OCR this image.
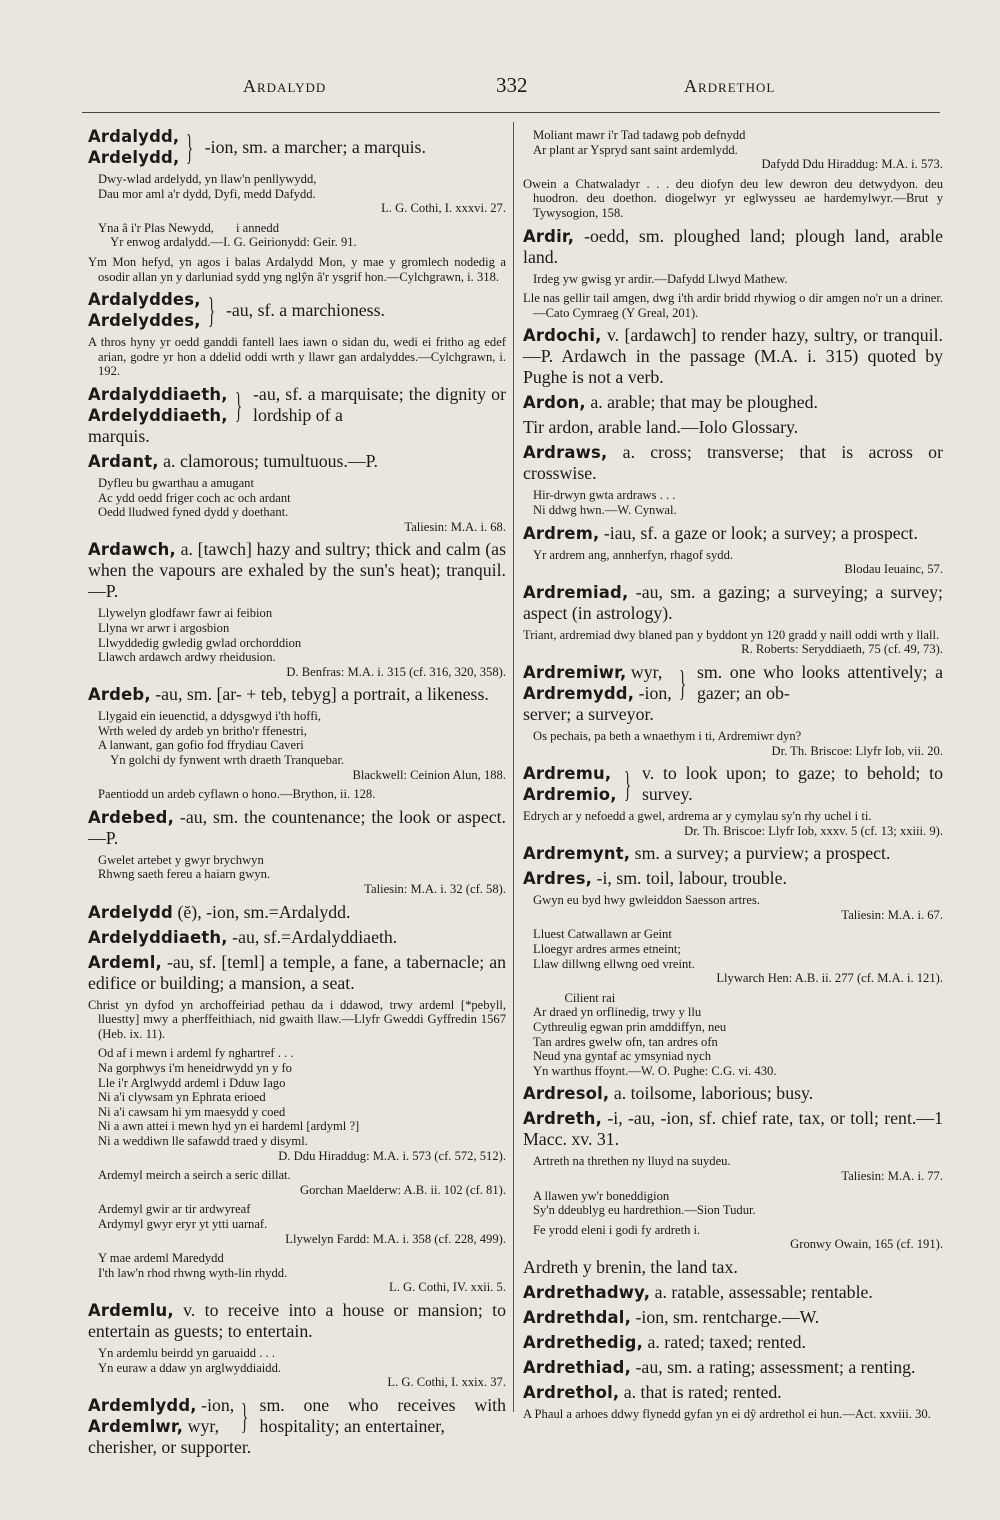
Ardalydd	332	Ardrethol
Ardalydd,
Ardelydd, } -ion, sm. a marcher; a marquis.
Dwy-wlad ardelydd, yn llaw'n penllywydd,
Dau mor aml a'r dydd, Dyfi, medd Dafydd.
L. G. Cothi, I. xxxvi. 27.
Yna â i'r Plas Newydd,       i annedd
Yr enwog ardalydd.—I. G. Geirionydd: Geir. 91.
Ym Mon hefyd, yn agos i balas Ardalydd Mon, y mae y gromlech nodedig a osodir allan yn y darluniad sydd yng nglŷn â'r ysgrif hon.—Cylchgrawn, i. 318.
Ardalyddes,
Ardelyddes, } -au, sf. a marchioness.
A thros hyny yr oedd ganddi fantell laes iawn o sidan du, wedi ei fritho ag edef arian, godre yr hon a ddelid oddi wrth y llawr gan ardalyddes.—Cylchgrawn, i. 192.
Ardalyddiaeth,
Ardelyddiaeth, } -au, sf. a marquisate; the dignity or lordship of a
marquis.
Ardant, a. clamorous; tumultuous.—P.
Dyfleu bu gwarthau a amugant
Ac ydd oedd friger coch ac och ardant
Oedd lludwed fyned dydd y doethant.
Taliesin: M.A. i. 68.
Ardawch, a. [tawch] hazy and sultry; thick and calm (as when the vapours are exhaled by the sun's heat); tranquil.—P.
Llywelyn glodfawr fawr ai feibion
Llyna wr arwr i argosbion
Llwyddedig gwledig gwlad orchorddion
Llawch ardawch ardwy rheidusion.
D. Benfras: M.A. i. 315 (cf. 316, 320, 358).
Ardeb, -au, sm. [ar- + teb, tebyg] a portrait, a likeness.
Llygaid ein ieuenctid, a ddysgwyd i'th hoffi,
Wrth weled dy ardeb yn britho'r ffenestri,
A lanwant, gan gofio fod ffrydiau Caveri
Yn golchi dy fynwent wrth draeth Tranquebar.
Blackwell: Ceinion Alun, 188.
Paentiodd un ardeb cyflawn o hono.—Brython, ii. 128.
Ardebed, -au, sm. the countenance; the look or aspect.—P.
Gwelet artebet y gwyr brychwyn
Rhwng saeth fereu a haiarn gwyn.
Taliesin: M.A. i. 32 (cf. 58).
Ardelydd (ĕ), -ion, sm.=Ardalydd.
Ardelyddiaeth, -au, sf.=Ardalyddiaeth.
Ardeml, -au, sf. [teml] a temple, a fane, a tabernacle; an edifice or building; a mansion, a seat.
Christ yn dyfod yn archoffeiriad pethau da i ddawod, trwy ardeml [*pebyll, lluestty] mwy a pherffeithiach, nid gwaith llaw.—Llyfr Gweddi Gyffredin 1567 (Heb. ix. 11).
Od af i mewn i ardeml fy nghartref . . .
Na gorphwys i'm heneidrwydd yn y fo
Lle i'r Arglwydd ardeml i Dduw Iago
Ni a'i clywsam yn Ephrata erioed
Ni a'i cawsam hi ym maesydd y coed
Ni a awn attei i mewn hyd yn ei hardeml [ardyml ?]
Ni a weddiwn lle safawdd traed y disyml.
D. Ddu Hiraddug: M.A. i. 573 (cf. 572, 512).
Ardemyl meirch a seirch a seric dillat.
Gorchan Maelderw: A.B. ii. 102 (cf. 81).
Ardemyl gwir ar tir ardwyreaf
Ardymyl gwyr eryr yt ytti uarnaf.
Llywelyn Fardd: M.A. i. 358 (cf. 228, 499).
Y mae ardeml Maredydd
I'th law'n rhod rhwng wyth-lin rhydd.
L. G. Cothi, IV. xxii. 5.
Ardemlu, v. to receive into a house or mansion; to entertain as guests; to entertain.
Yn ardemlu beirdd yn garuaidd . . .
Yn euraw a ddaw yn arglwyddiaidd.
L. G. Cothi, I. xxix. 37.
Ardemlydd, -ion,
Ardemlwr, wyr, } sm. one who receives with hospitality; an entertainer,
cherisher, or supporter.
Moliant mawr i'r Tad tadawg pob defnydd
Ar plant ar Yspryd sant saint ardemlydd.
Dafydd Ddu Hiraddug: M.A. i. 573.
Owein a Chatwaladyr . . . deu diofyn deu lew dewron deu detwydyon. deu huodron. deu doethon. diogelwyr yr eglwysseu ae hardemylwyr.—Brut y Tywysogion, 158.
Ardir, -oedd, sm. ploughed land; plough land, arable land.
Irdeg yw gwisg yr ardir.—Dafydd Llwyd Mathew.
Lle nas gellir tail amgen, dwg i'th ardir bridd rhywiog o dir amgen no'r un a driner.—Cato Cymraeg (Y Greal, 201).
Ardochi, v. [ardawch] to render hazy, sultry, or tranquil.—P. Ardawch in the passage (M.A. i. 315) quoted by Pughe is not a verb.
Ardon, a. arable; that may be ploughed.
Tir ardon, arable land.—Iolo Glossary.
Ardraws, a. cross; transverse; that is across or crosswise.
Hir-drwyn gwta ardraws . . .
Ni ddwg hwn.—W. Cynwal.
Ardrem, -iau, sf. a gaze or look; a survey; a prospect.
Yr ardrem ang, annherfyn, rhagof sydd.
Blodau Ieuainc, 57.
Ardremiad, -au, sm. a gazing; a surveying; a survey; aspect (in astrology).
Triant, ardremiad dwy blaned pan y byddont yn 120 gradd y naill oddi wrth y llall.
R. Roberts: Seryddiaeth, 75 (cf. 49, 73).
Ardremiwr, wyr,
Ardremydd, -ion, } sm. one who looks attentively; a gazer; an ob-
server; a surveyor.
Os pechais, pa beth a wnaethym i ti, Ardremiwr dyn?
Dr. Th. Briscoe: Llyfr Iob, vii. 20.
Ardremu,
Ardremio, } v. to look upon; to gaze; to behold; to survey.
Edrych ar y nefoedd a gwel, ardrema ar y cymylau sy'n rhy uchel i ti.
Dr. Th. Briscoe: Llyfr Iob, xxxv. 5 (cf. 13; xxiii. 9).
Ardremynt, sm. a survey; a purview; a prospect.
Ardres, -i, sm. toil, labour, trouble.
Gwyn eu byd hwy gwleiddon Saesson artres.
Taliesin: M.A. i. 67.
Lluest Catwallawn ar Geint
Lloegyr ardres armes etneint;
Llaw dillwng ellwng oed vreint.
Llywarch Hen: A.B. ii. 277 (cf. M.A. i. 121).
Cilient rai
Ar draed yn orflinedig, trwy y llu
Cythreulig egwan prin amddiffyn, neu
Tan ardres gwelw ofn, tan ardres ofn
Neud yna gyntaf ac ymsyniad nych
Yn warthus ffoynt.—W. O. Pughe: C.G. vi. 430.
Ardresol, a. toilsome, laborious; busy.
Ardreth, -i, -au, -ion, sf. chief rate, tax, or toll; rent.—1 Macc. xv. 31.
Artreth na threthen ny lluyd na suydeu.
Taliesin: M.A. i. 77.
A llawen yw'r boneddigion
Sy'n ddeublyg eu hardrethion.—Sion Tudur.
Fe yrodd eleni i godi fy ardreth i.
Gronwy Owain, 165 (cf. 191).
Ardreth y brenin, the land tax.
Ardrethadwy, a. ratable, assessable; rentable.
Ardrethdal, -ion, sm. rentcharge.—W.
Ardrethedig, a. rated; taxed; rented.
Ardrethiad, -au, sm. a rating; assessment; a renting.
Ardrethol, a. that is rated; rented.
A Phaul a arhoes ddwy flynedd gyfan yn ei dŷ ardrethol ei hun.—Act. xxviii. 30.
